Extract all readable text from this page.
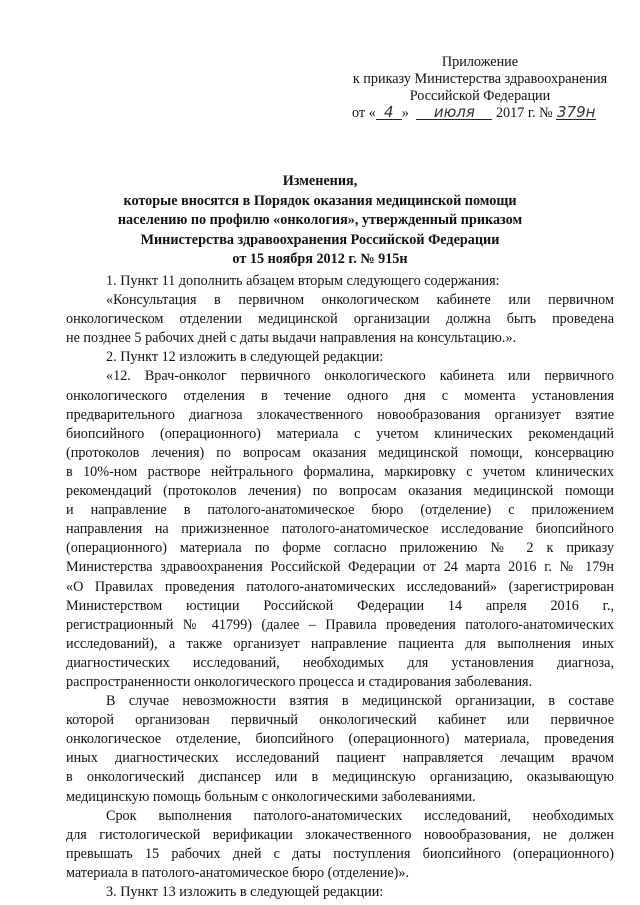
Приложение
к приказу Министерства здравоохранения
Российской Федерации
от « 4 » июля 2017 г. № 379н
Изменения,
которые вносятся в Порядок оказания медицинской помощи
населению по профилю «онкология», утвержденный приказом
Министерства здравоохранения Российской Федерации
от 15 ноября 2012 г. № 915н
1. Пункт 11 дополнить абзацем вторым следующего содержания:
«Консультация в первичном онкологическом кабинете или первичном
онкологическом отделении медицинской организации должна быть проведена
не позднее 5 рабочих дней с даты выдачи направления на консультацию.».
2. Пункт 12 изложить в следующей редакции:
«12. Врач-онколог первичного онкологического кабинета или первичного
онкологического отделения в течение одного дня с момента установления
предварительного диагноза злокачественного новообразования организует взятие
биопсийного (операционного) материала с учетом клинических рекомендаций
(протоколов лечения) по вопросам оказания медицинской помощи, консервацию
в 10%-ном растворе нейтрального формалина, маркировку с учетом клинических
рекомендаций (протоколов лечения) по вопросам оказания медицинской помощи
и направление в патолого-анатомическое бюро (отделение) с приложением
направления на прижизненное патолого-анатомическое исследование биопсийного
(операционного) материала по форме согласно приложению № 2 к приказу
Министерства здравоохранения Российской Федерации от 24 марта 2016 г. № 179н
«О Правилах проведения патолого-анатомических исследований» (зарегистрирован
Министерством юстиции Российской Федерации 14 апреля 2016 г.,
регистрационный № 41799) (далее – Правила проведения патолого-анатомических
исследований), а также организует направление пациента для выполнения иных
диагностических исследований, необходимых для установления диагноза,
распространенности онкологического процесса и стадирования заболевания.
В случае невозможности взятия в медицинской организации, в составе
которой организован первичный онкологический кабинет или первичное
онкологическое отделение, биопсийного (операционного) материала, проведения
иных диагностических исследований пациент направляется лечащим врачом
в онкологический диспансер или в медицинскую организацию, оказывающую
медицинскую помощь больным с онкологическими заболеваниями.
Срок выполнения патолого-анатомических исследований, необходимых
для гистологической верификации злокачественного новообразования, не должен
превышать 15 рабочих дней с даты поступления биопсийного (операционного)
материала в патолого-анатомическое бюро (отделение)».
3. Пункт 13 изложить в следующей редакции:
